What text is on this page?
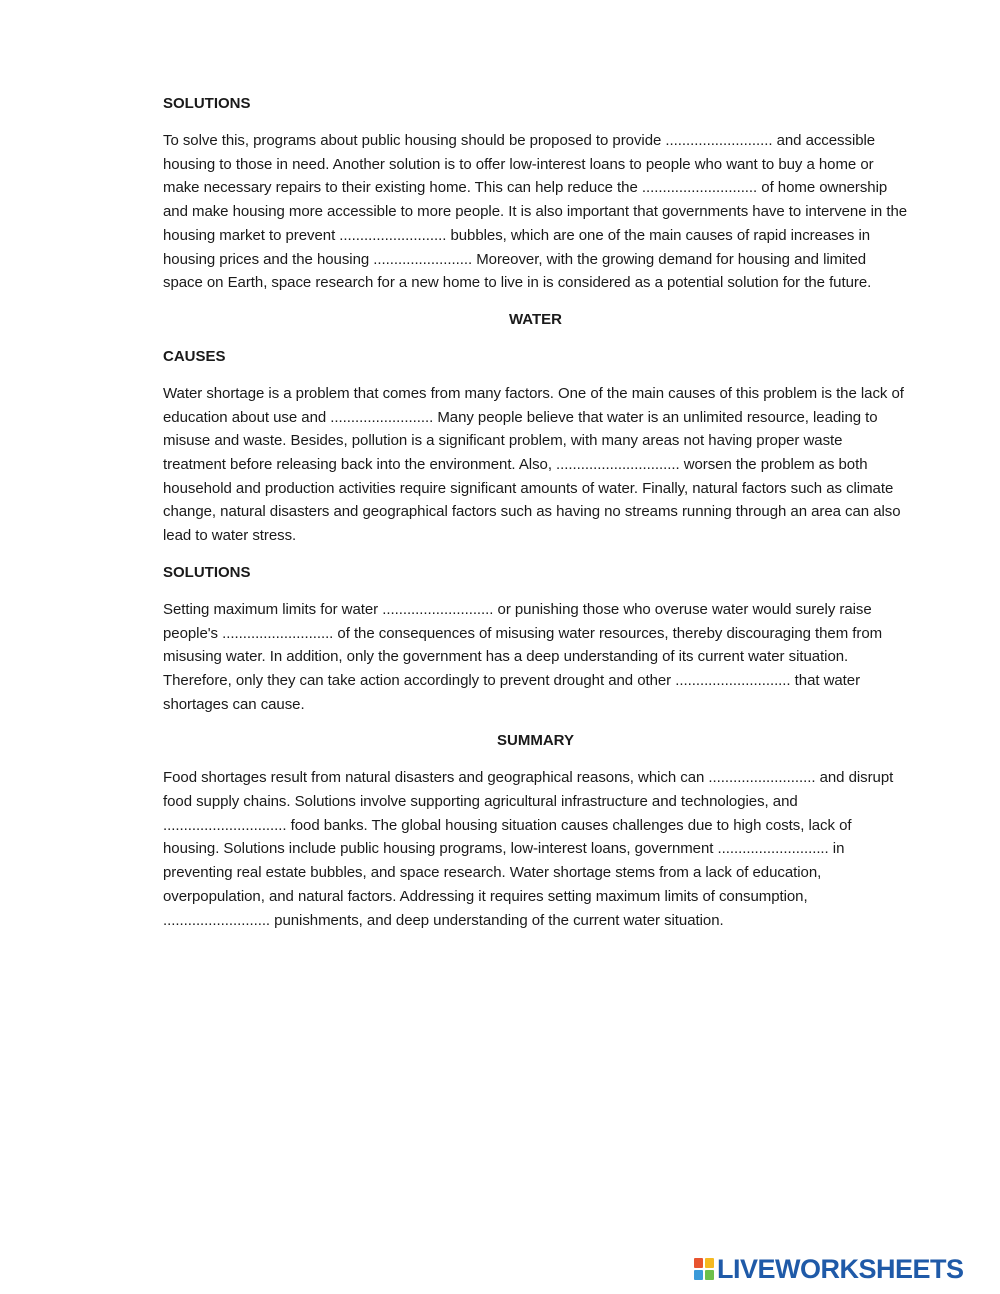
SOLUTIONS

To solve this, programs about public housing should be proposed to provide .......................... and accessible housing to those in need. Another solution is to offer low-interest loans to people who want to buy a home or make necessary repairs to their existing home. This can help reduce the ............................ of home ownership and make housing more accessible to more people. It is also important that governments have to intervene in the housing market to prevent .......................... bubbles, which are one of the main causes of rapid increases in housing prices and the housing ........................ Moreover, with the growing demand for housing and limited space on Earth, space research for a new home to live in is considered as a potential solution for the future.

WATER
CAUSES

Water shortage is a problem that comes from many factors. One of the main causes of this problem is the lack of education about use and ......................... Many people believe that water is an unlimited resource, leading to misuse and waste. Besides, pollution is a significant problem, with many areas not having proper waste treatment before releasing back into the environment. Also, .............................. worsen the problem as both household and production activities require significant amounts of water. Finally, natural factors such as climate change, natural disasters and geographical factors such as having no streams running through an area can also lead to water stress.

SOLUTIONS

Setting maximum limits for water ........................... or punishing those who overuse water would surely raise people's ........................... of the consequences of misusing water resources, thereby discouraging them from misusing water. In addition, only the government has a deep understanding of its current water situation. Therefore, only they can take action accordingly to prevent drought and other ............................ that water shortages can cause.

SUMMARY

Food shortages result from natural disasters and geographical reasons, which can .......................... and disrupt food supply chains. Solutions involve supporting agricultural infrastructure and technologies, and .............................. food banks. The global housing situation causes challenges due to high costs, lack of housing. Solutions include public housing programs, low-interest loans, government ........................... in preventing real estate bubbles, and space research. Water shortage stems from a lack of education, overpopulation, and natural factors. Addressing it requires setting maximum limits of consumption, .......................... punishments, and deep understanding of the current water situation.

LIVEWORKSHEETS
